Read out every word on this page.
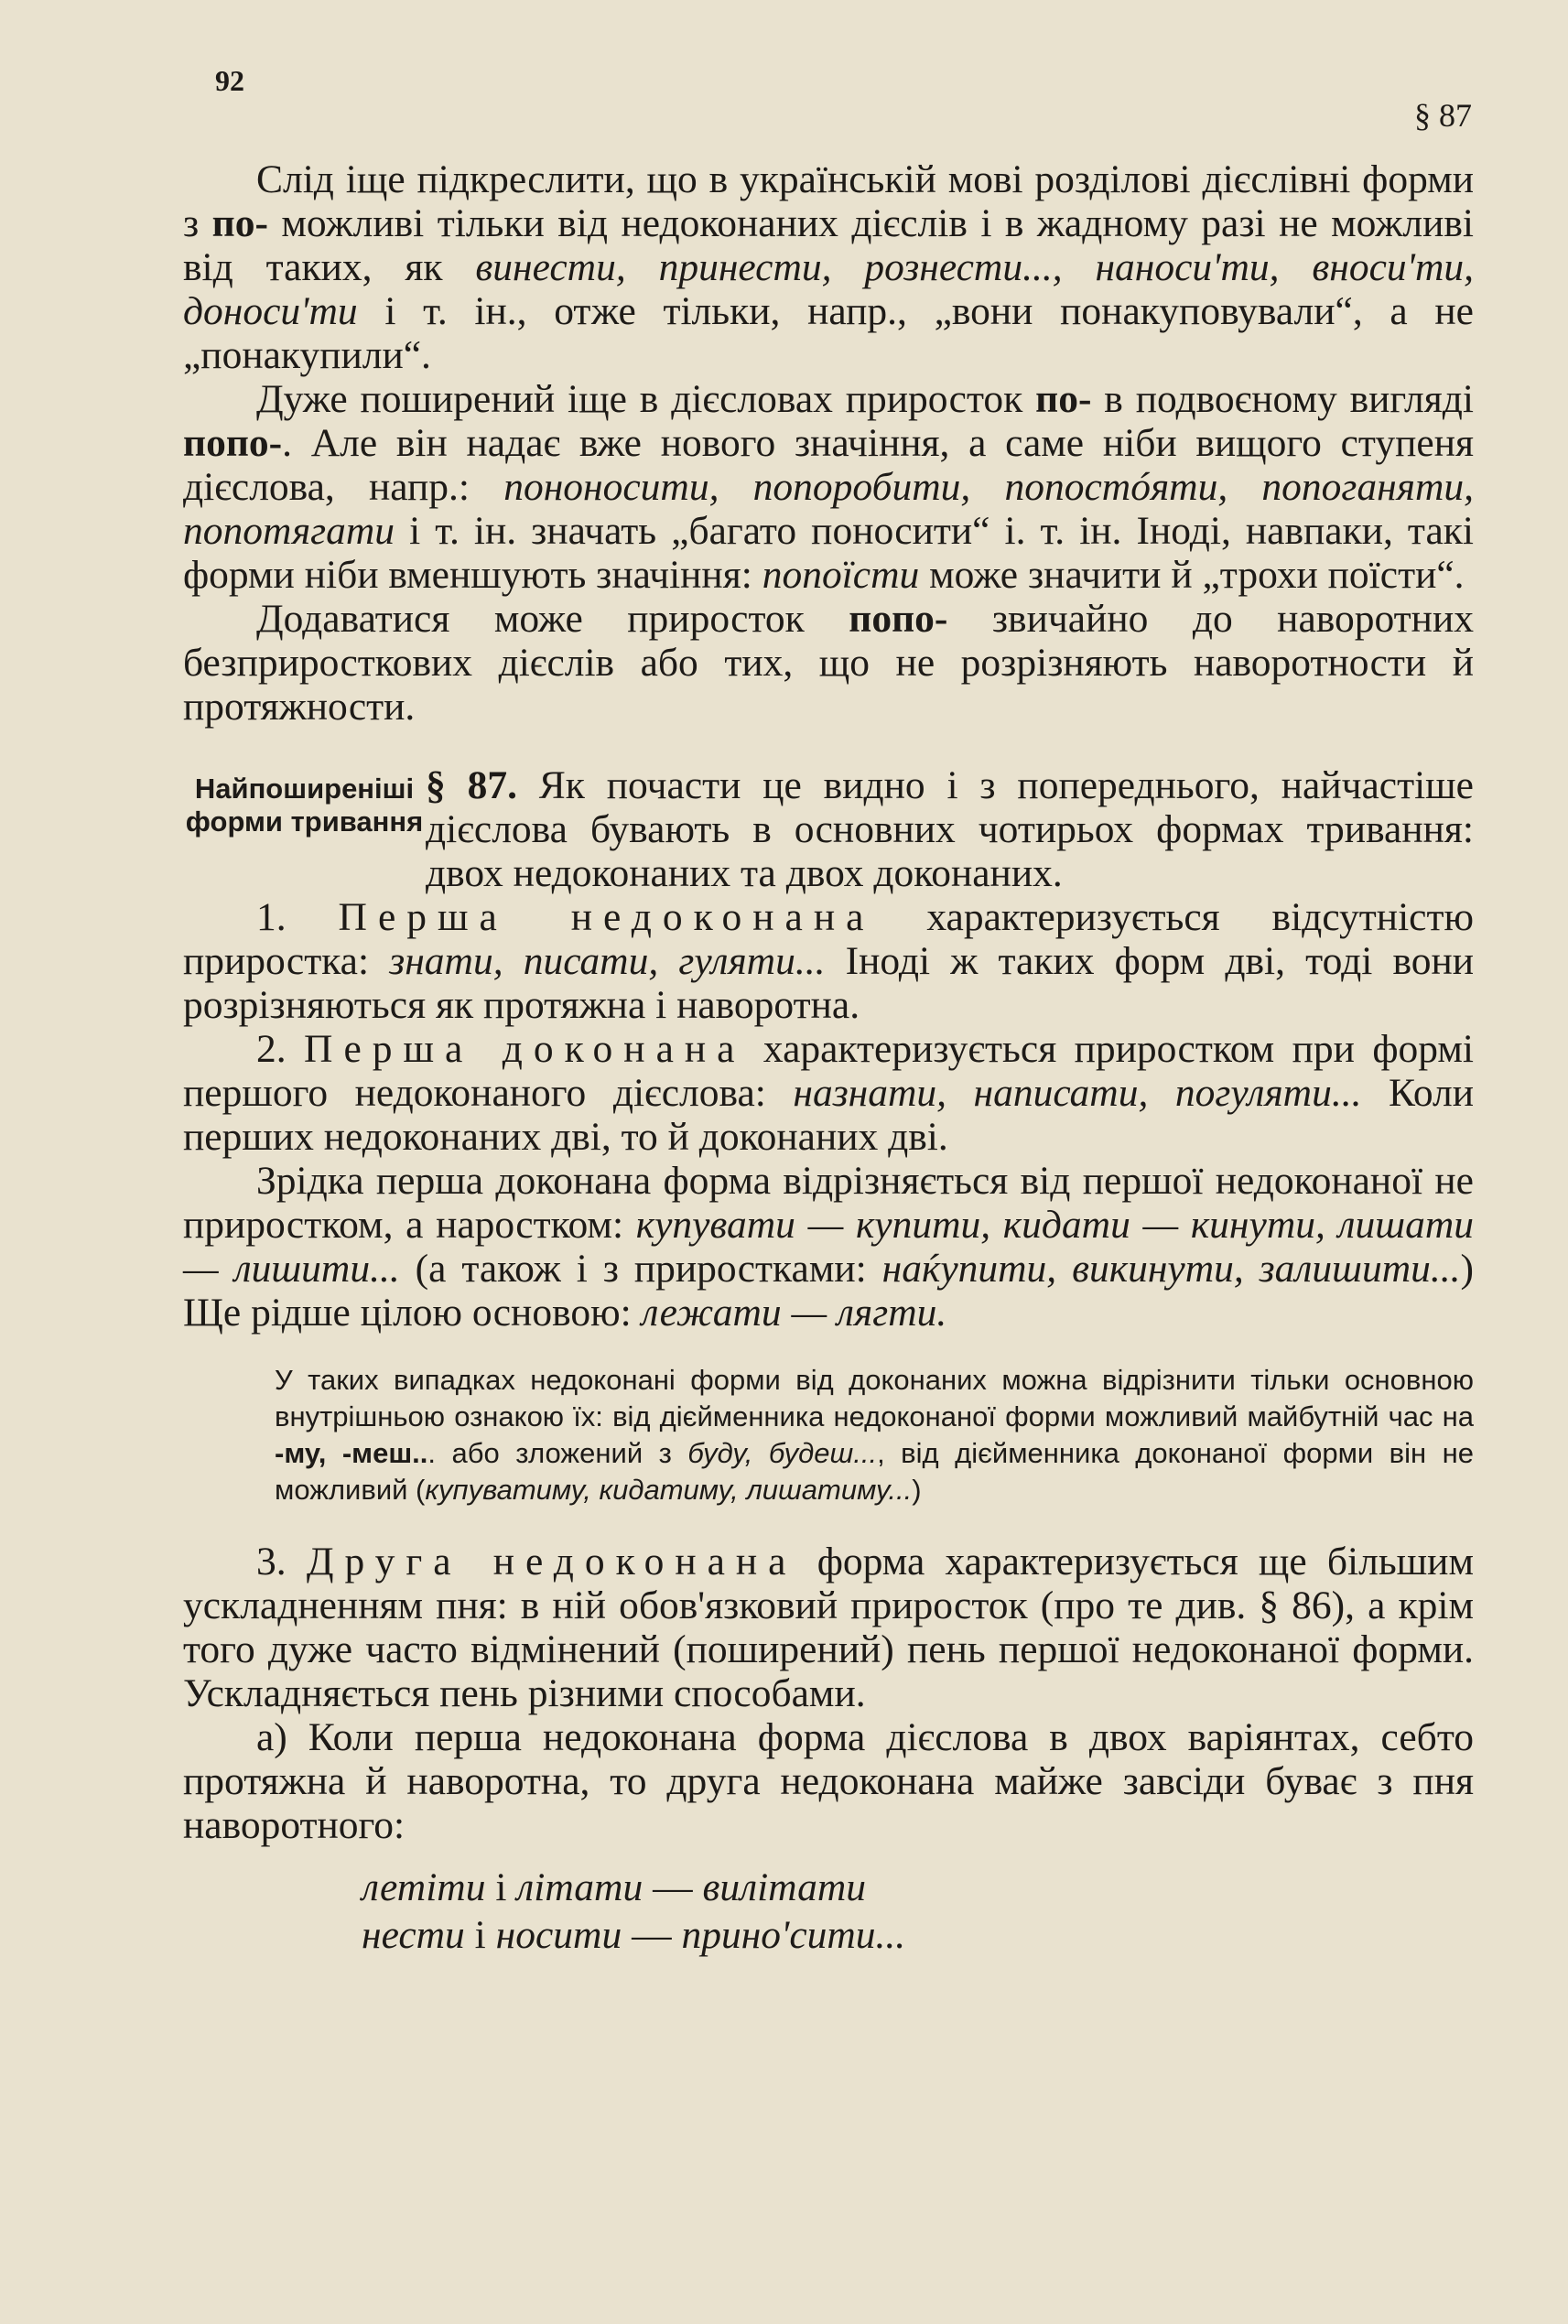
92
§ 87

Слід іще підкреслити, що в українській мові розділові дієслівні форми з по- можливі тільки від недоконаних дієслів і в жадному разі не можливі від таких, як винести, принести, рознести..., наноси'ти, вноси'ти, доноси'ти і т. ін., отже тільки, напр., „вони понакуповували“, а не „понакупили“.

Дуже поширений іще в дієсловах приросток по- в подвоєному вигляді попо-. Але він надає вже нового значіння, а саме ніби вищого ступеня дієслова, напр.: пононосити, попоробити, попостóяти, попоганяти, попотягати і т. ін. значать „багато поносити“ і. т. ін. Іноді, навпаки, такі форми ніби вменшують значіння: попоїсти може значити й „трохи поїсти“.

Додаватися може приросток попо- звичайно до наворотних безприросткових дієслів або тих, що не розрізняють наворотности й протяжности.

Найпоширеніші форми тривання
§ 87. Як почасти це видно і з попереднього, найчастіше дієслова бувають в основних чотирьох формах тривання: двох недоконаних та двох доконаних.

1. Перша недоконана характеризується відсутністю приростка: знати, писати, гуляти... Іноді ж таких форм дві, тоді вони розрізняються як протяжна і наворотна.

2. Перша доконана характеризується приростком при формі першого недоконаного дієслова: назнати, написати, погуляти... Коли перших недоконаних дві, то й доконаних дві.

Зрідка перша доконана форма відрізняється від першої недоконаної не приростком, а наростком: купувати — купити, кидати — кинути, лишати — лишити... (а також і з приростками: наќупити, викинути, залишити...) Ще рідше цілою основою: лежати — лягти.

У таких випадках недоконані форми від доконаних можна відрізнити тільки основною внутрішньою ознакою їх: від дієйменника недоконаної форми можливий майбутній час на -му, -меш... або зложений з буду, будеш..., від дієйменника доконаної форми він не можливий (купуватиму, кидатиму, лишатиму...)

3. Друга недоконана форма характеризується ще більшим ускладненням пня: в ній обов'язковий приросток (про те див. § 86), а крім того дуже часто відмінений (поширений) пень першої недоконаної форми. Ускладняється пень різними способами.

а) Коли перша недоконана форма дієслова в двох варіянтах, себто протяжна й наворотна, то друга недоконана майже завсіди буває з пня наворотного:

летіти і літати — вилітати
нести і носити — прино'сити...
